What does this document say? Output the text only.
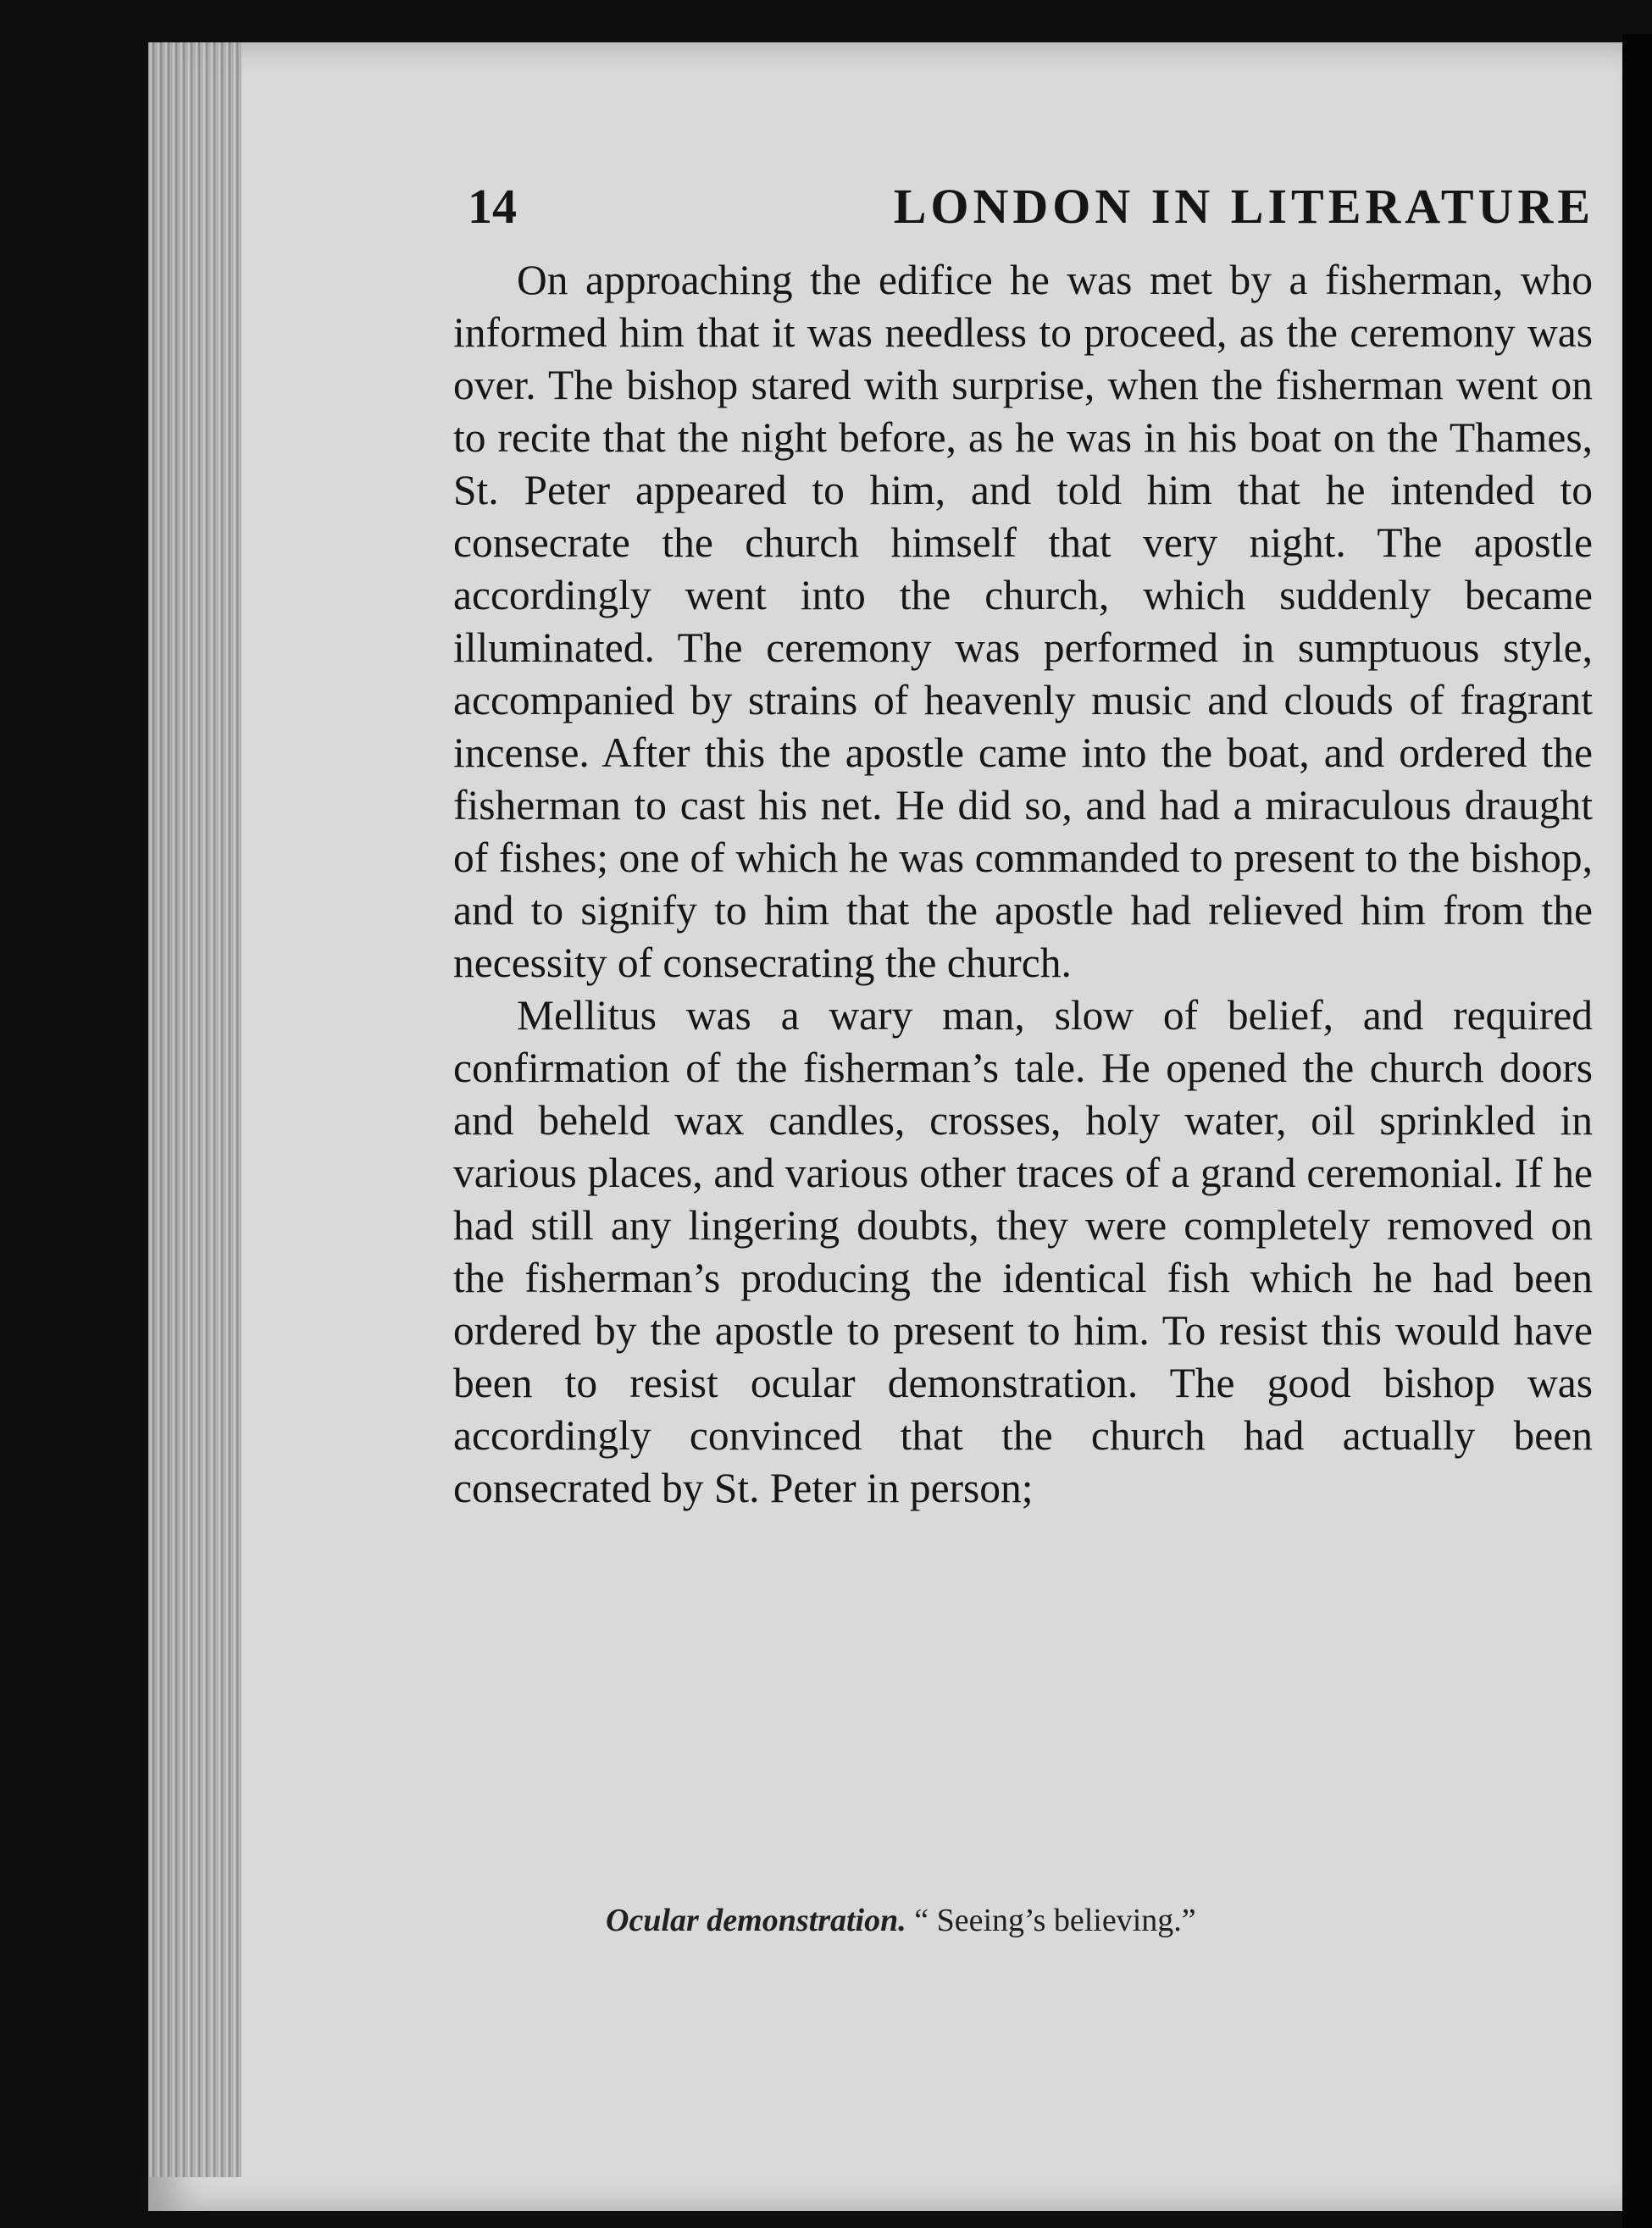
14	LONDON IN LITERATURE

On approaching the edifice he was met by a fisherman, who informed him that it was needless to proceed, as the ceremony was over. The bishop stared with surprise, when the fisherman went on to recite that the night before, as he was in his boat on the Thames, St. Peter appeared to him, and told him that he intended to consecrate the church himself that very night. The apostle accordingly went into the church, which suddenly became illuminated. The ceremony was performed in sumptuous style, accompanied by strains of heavenly music and clouds of fragrant incense. After this the apostle came into the boat, and ordered the fisherman to cast his net. He did so, and had a miraculous draught of fishes; one of which he was commanded to present to the bishop, and to signify to him that the apostle had relieved him from the necessity of consecrating the church.

Mellitus was a wary man, slow of belief, and required confirmation of the fisherman’s tale. He opened the church doors and beheld wax candles, crosses, holy water, oil sprinkled in various places, and various other traces of a grand ceremonial. If he had still any lingering doubts, they were completely removed on the fisherman’s producing the identical fish which he had been ordered by the apostle to present to him. To resist this would have been to resist ocular demonstration. The good bishop was accordingly convinced that the church had actually been consecrated by St. Peter in person;

Ocular demonstration. “ Seeing’s believing.”
